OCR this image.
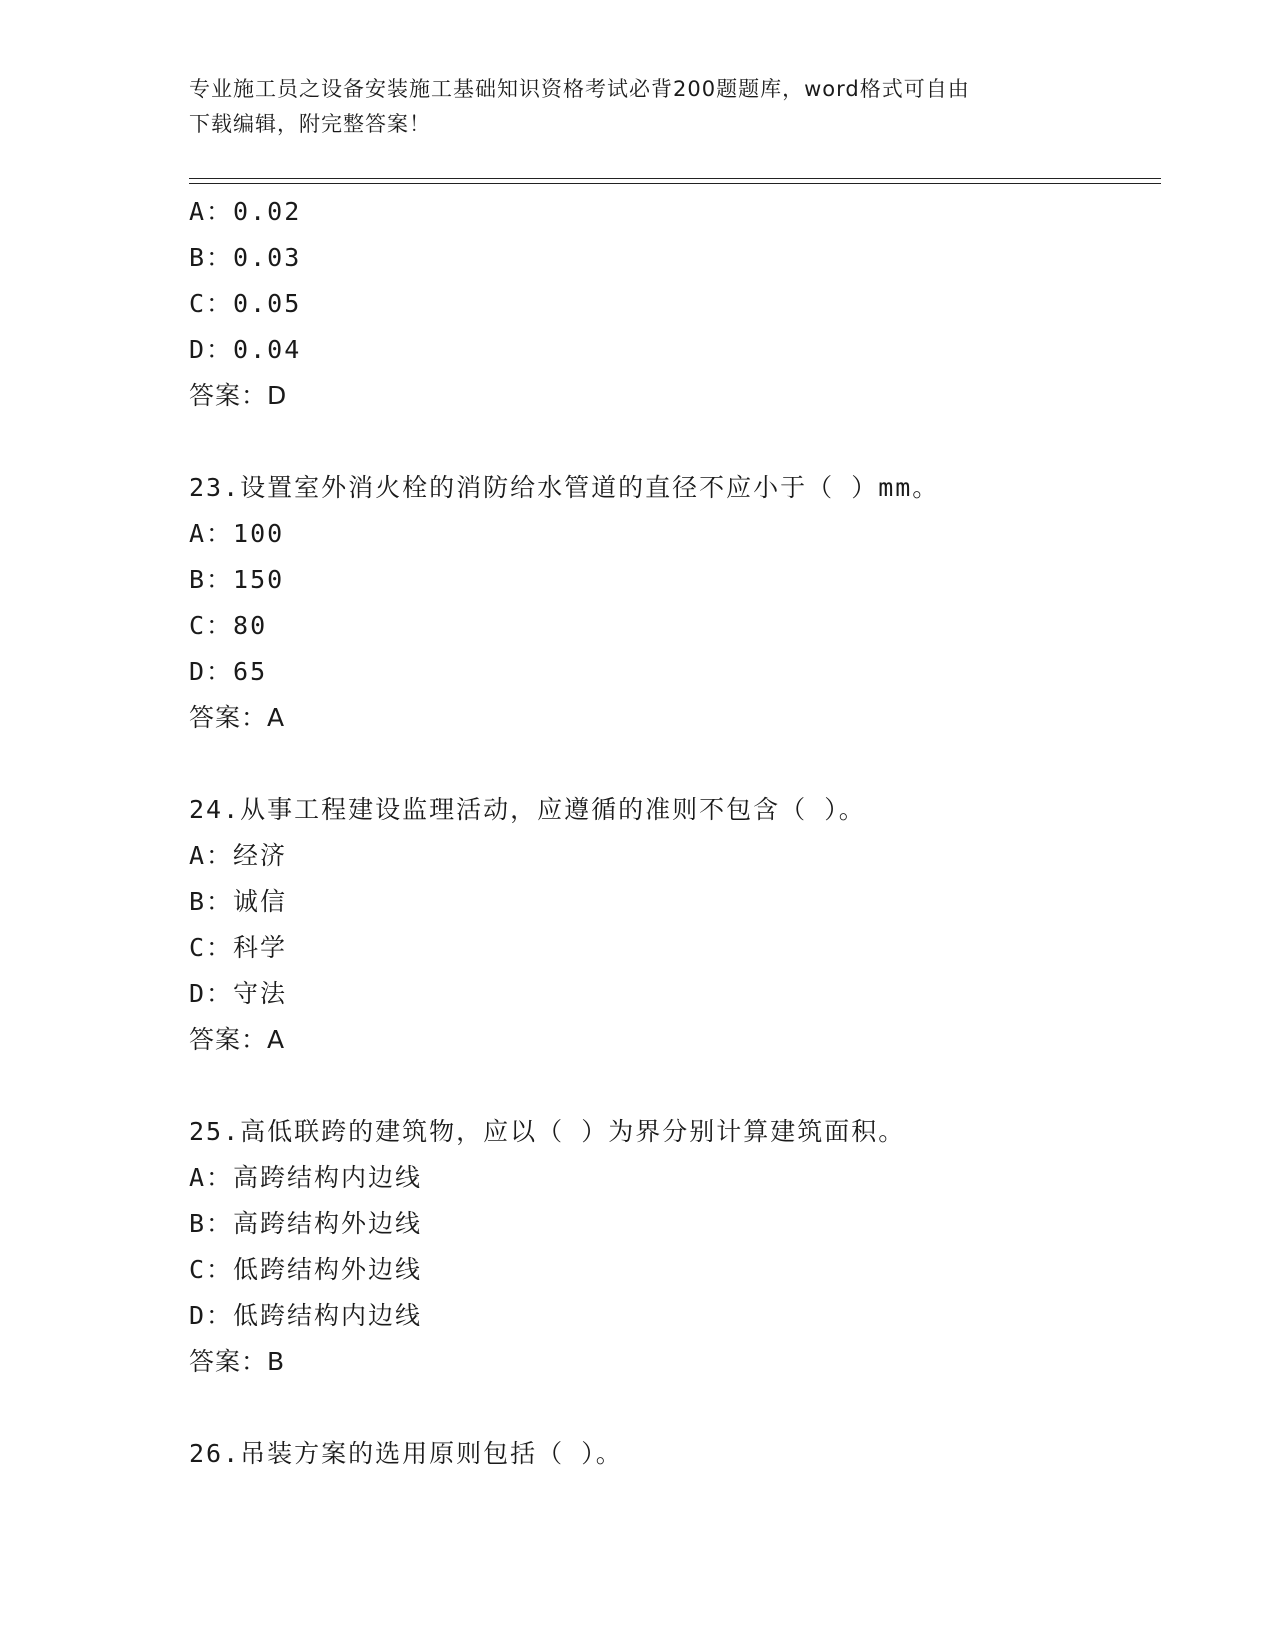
专业施工员之设备安装施工基础知识资格考试必背200题题库，word格式可自由
下载编辑，附完整答案！
A：0.02
B：0.03
C：0.05
D：0.04
答案：D
23.设置室外消火栓的消防给水管道的直径不应小于（ ）mm。
A：100
B：150
C：80
D：65
答案：A
24.从事工程建设监理活动，应遵循的准则不包含（ ）。
A：经济
B：诚信
C：科学
D：守法
答案：A
25.高低联跨的建筑物，应以（ ）为界分别计算建筑面积。
A：高跨结构内边线
B：高跨结构外边线
C：低跨结构外边线
D：低跨结构内边线
答案：B
26.吊装方案的选用原则包括（ ）。
